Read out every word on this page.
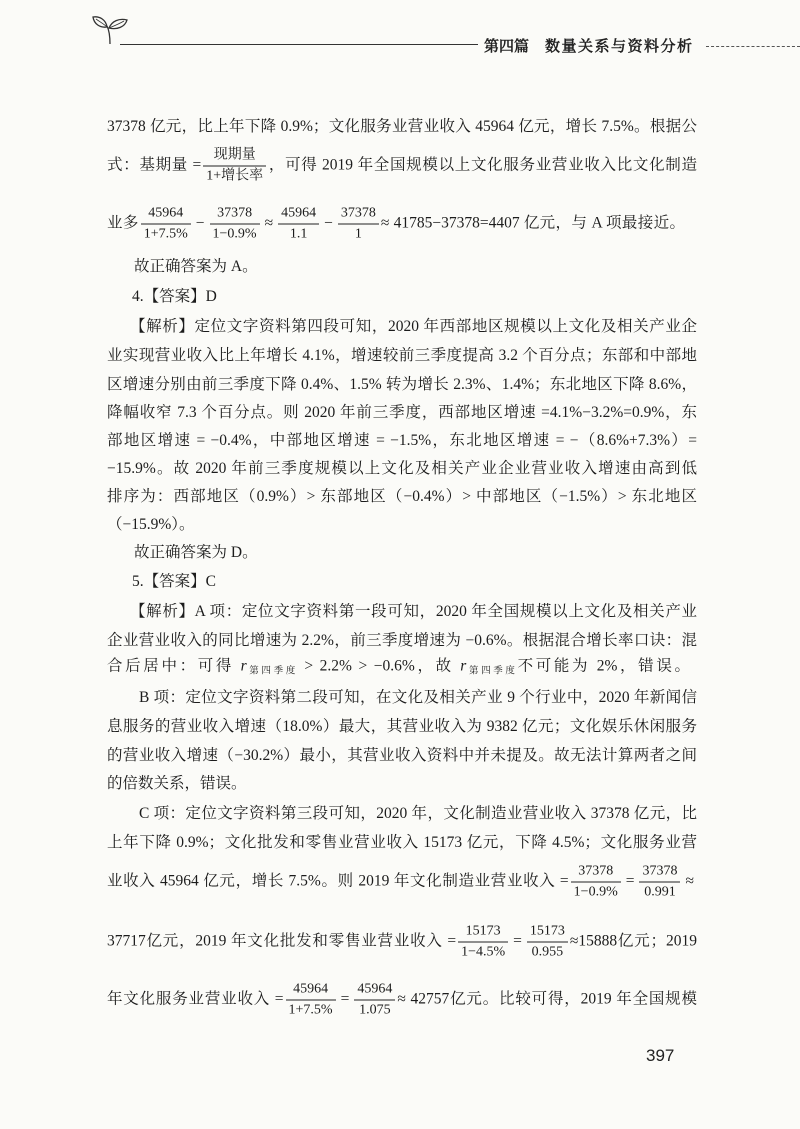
第四篇 数量关系与资料分析
37378 亿元，比上年下降 0.9%；文化服务业营业收入 45964 亿元，增长 7.5%。根据公
式：基期量 = $\frac{\text{现期量}}{\text{1+增长率}}$ ，可得 2019 年全国规模以上文化服务业营业收入比文化制造
业多 $\frac{45964}{1+7.5\%} - \frac{37378}{1-0.9\%} \approx \frac{45964}{1.1} - \frac{37378}{1} \approx 41785-37378=4407$ 亿元，与 A 项最接近。
故正确答案为 A。
4.【答案】D
【解析】定位文字资料第四段可知，2020 年西部地区规模以上文化及相关产业企
业实现营业收入比上年增长 4.1%，增速较前三季度提高 3.2 个百分点；东部和中部地
区增速分别由前三季度下降 0.4%、1.5% 转为增长 2.3%、1.4%；东北地区下降 8.6%，
降幅收窄 7.3 个百分点。则 2020 年前三季度，西部地区增速 =4.1%−3.2%=0.9%，东
部地区增速 = −0.4%，中部地区增速 = −1.5%，东北地区增速 = −（8.6%+7.3%）=
−15.9%。故 2020 年前三季度规模以上文化及相关产业企业营业收入增速由高到低
排序为：西部地区（0.9%）> 东部地区（−0.4%）> 中部地区（−1.5%）> 东北地区
（−15.9%）。
故正确答案为 D。
5.【答案】C
【解析】A 项：定位文字资料第一段可知，2020 年全国规模以上文化及相关产业
企业营业收入的同比增速为 2.2%，前三季度增速为 −0.6%。根据混合增长率口诀：混
合后居中：可得 $r_{第四季度} > 2.2\% > -0.6\%$，故 $r_{第四季度}$不可能为 2%，错误。
B 项：定位文字资料第二段可知，在文化及相关产业 9 个行业中，2020 年新闻信
息服务的营业收入增速（18.0%）最大，其营业收入为 9382 亿元；文化娱乐休闲服务
的营业收入增速（−30.2%）最小，其营业收入资料中并未提及。故无法计算两者之间
的倍数关系，错误。
C 项：定位文字资料第三段可知，2020 年，文化制造业营业收入 37378 亿元，比
上年下降 0.9%；文化批发和零售业营业收入 15173 亿元，下降 4.5%；文化服务业营
业收入 45964 亿元，增长 7.5%。则 2019 年文化制造业营业收入 = $\frac{37378}{1-0.9\%} = \frac{37378}{0.991}$ ≈
37717亿元，2019 年文化批发和零售业营业收入 = $\frac{15173}{1-4.5\%} = \frac{15173}{0.955} \approx 15888$亿元；2019
年文化服务业营业收入 = $\frac{45964}{1+7.5\%} = \frac{45964}{1.075} \approx 42757$亿元。比较可得，2019 年全国规模
397
